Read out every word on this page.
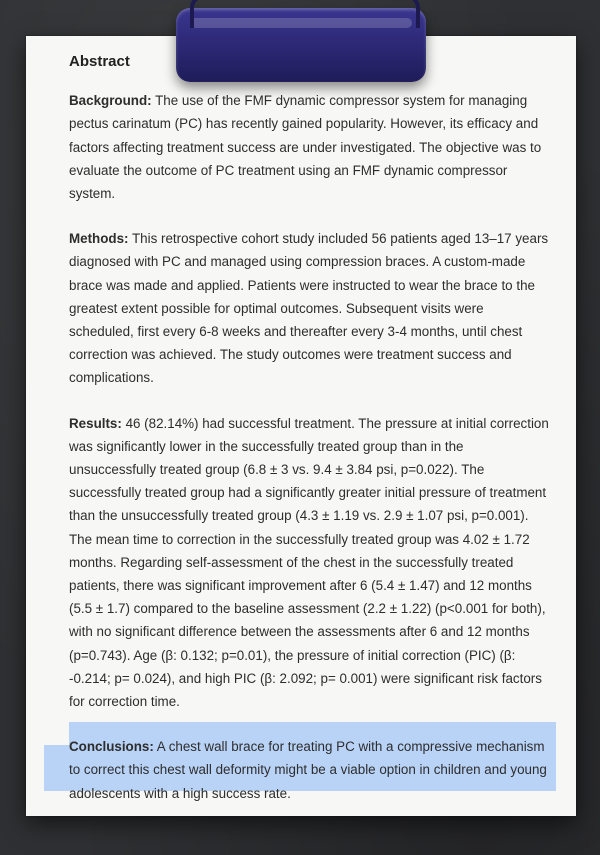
Abstract

Background: The use of the FMF dynamic compressor system for managing pectus carinatum (PC) has recently gained popularity. However, its efficacy and factors affecting treatment success are under investigated. The objective was to evaluate the outcome of PC treatment using an FMF dynamic compressor system.

Methods: This retrospective cohort study included 56 patients aged 13–17 years diagnosed with PC and managed using compression braces. A custom-made brace was made and applied. Patients were instructed to wear the brace to the greatest extent possible for optimal outcomes. Subsequent visits were scheduled, first every 6-8 weeks and thereafter every 3-4 months, until chest correction was achieved. The study outcomes were treatment success and complications.

Results: 46 (82.14%) had successful treatment. The pressure at initial correction was significantly lower in the successfully treated group than in the unsuccessfully treated group (6.8 ± 3 vs. 9.4 ± 3.84 psi, p=0.022). The successfully treated group had a significantly greater initial pressure of treatment than the unsuccessfully treated group (4.3 ± 1.19 vs. 2.9 ± 1.07 psi, p=0.001). The mean time to correction in the successfully treated group was 4.02 ± 1.72 months. Regarding self-assessment of the chest in the successfully treated patients, there was significant improvement after 6 (5.4 ± 1.47) and 12 months (5.5 ± 1.7) compared to the baseline assessment (2.2 ± 1.22) (p<0.001 for both), with no significant difference between the assessments after 6 and 12 months (p=0.743). Age (β: 0.132; p=0.01), the pressure of initial correction (PIC) (β: -0.214; p= 0.024), and high PIC (β: 2.092; p= 0.001) were significant risk factors for correction time.

Conclusions: A chest wall brace for treating PC with a compressive mechanism to correct this chest wall deformity might be a viable option in children and young adolescents with a high success rate.
